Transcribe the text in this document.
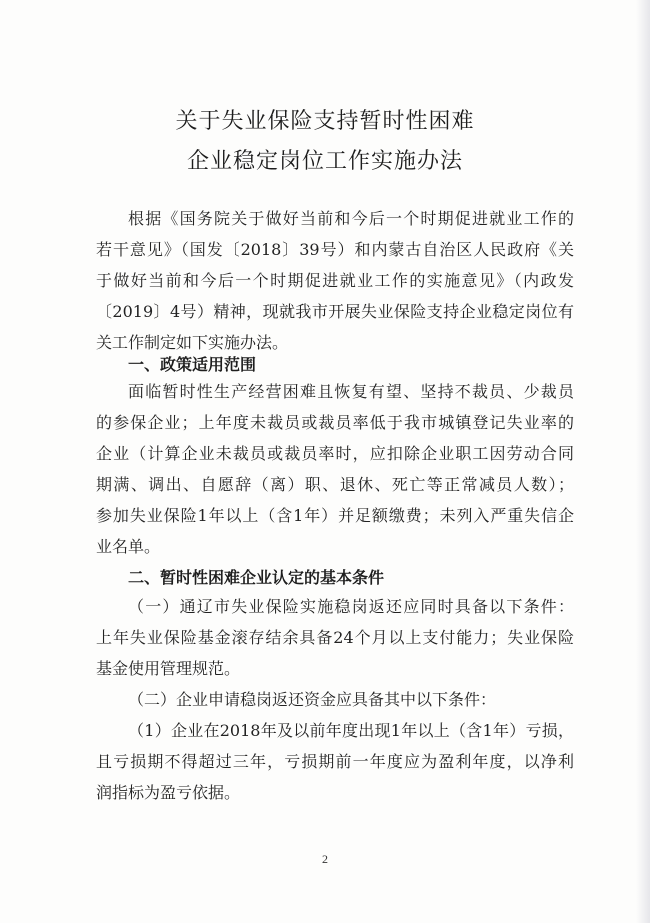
关于失业保险支持暂时性困难
企业稳定岗位工作实施办法
根据《国务院关于做好当前和今后一个时期促进就业工作的
若干意见》（国发〔2018〕39号）和内蒙古自治区人民政府《关
于做好当前和今后一个时期促进就业工作的实施意见》（内政发
〔2019〕4号）精神，现就我市开展失业保险支持企业稳定岗位有
关工作制定如下实施办法。
一、政策适用范围
面临暂时性生产经营困难且恢复有望、坚持不裁员、少裁员
的参保企业；上年度未裁员或裁员率低于我市城镇登记失业率的
企业（计算企业未裁员或裁员率时，应扣除企业职工因劳动合同
期满、调出、自愿辞（离）职、退休、死亡等正常减员人数）；
参加失业保险1年以上（含1年）并足额缴费；未列入严重失信企
业名单。
二、暂时性困难企业认定的基本条件
（一）通辽市失业保险实施稳岗返还应同时具备以下条件：
上年失业保险基金滚存结余具备24个月以上支付能力；失业保险
基金使用管理规范。
（二）企业申请稳岗返还资金应具备其中以下条件：
（1）企业在2018年及以前年度出现1年以上（含1年）亏损，
且亏损期不得超过三年，亏损期前一年度应为盈利年度，以净利
润指标为盈亏依据。
2
